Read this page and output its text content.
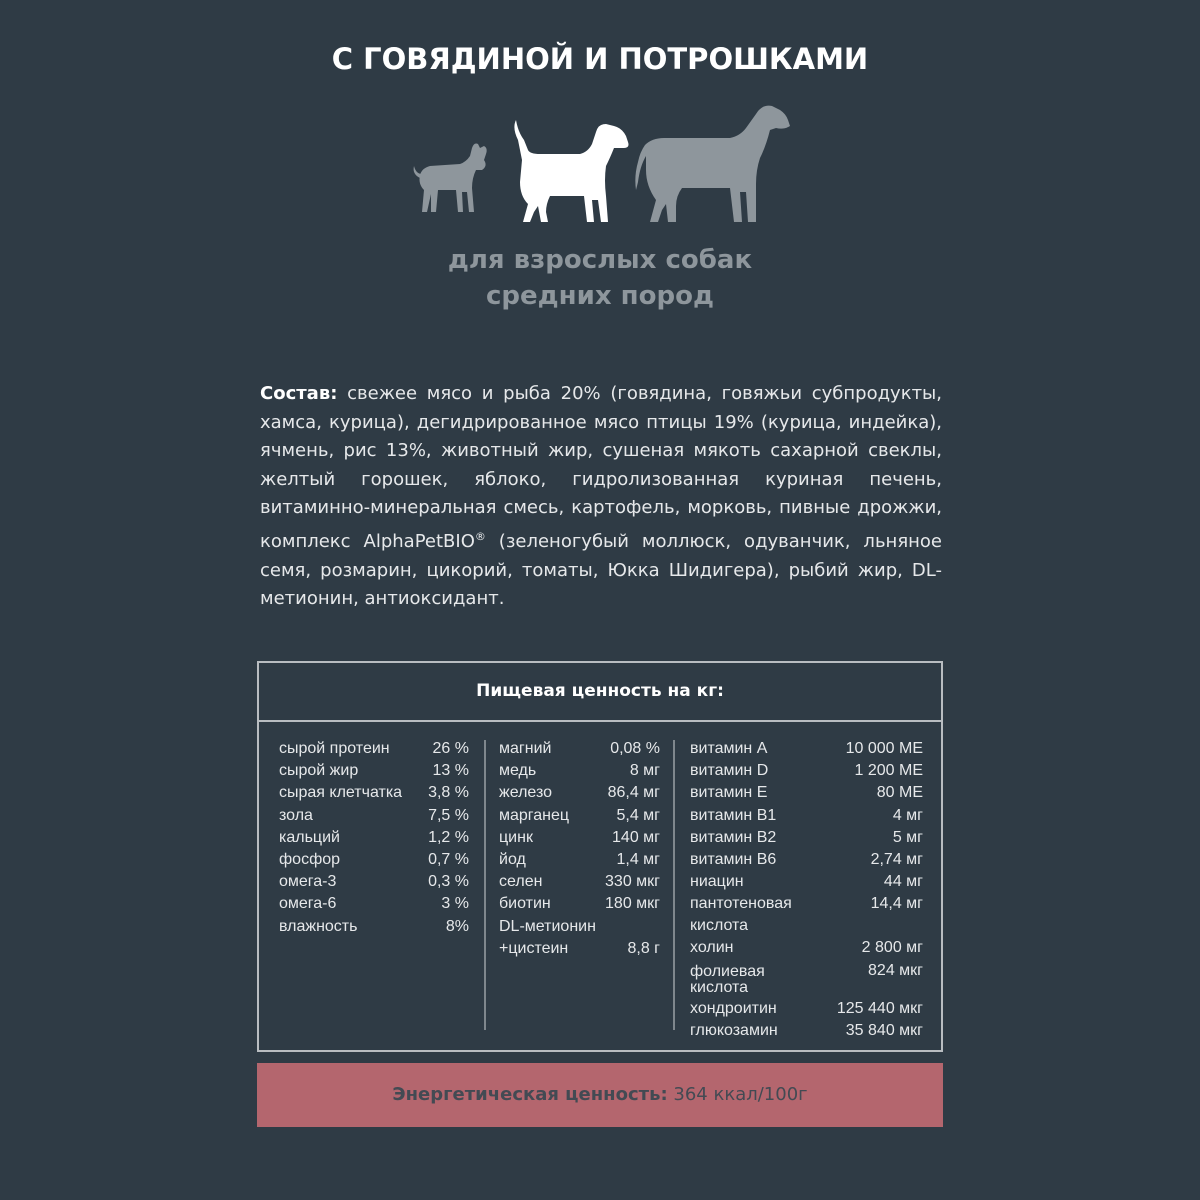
С ГОВЯДИНОЙ И ПОТРОШКАМИ
для взрослых собак
средних пород
Состав: свежее мясо и рыба 20% (говядина, говяжьи субпродукты, хамса, курица), дегидрированное мясо птицы 19% (курица, индейка), ячмень, рис 13%, животный жир, сушеная мякоть сахарной свеклы, желтый горошек, яблоко, гидролизованная куриная печень, витаминно-минеральная смесь, картофель, морковь, пивные дрожжи, комплекс AlphaPetBIO® (зеленогубый моллюск, одуванчик, льняное семя, розмарин, цикорий, томаты, Юкка Шидигера), рыбий жир, DL-метионин, антиоксидант.
Пищевая ценность на кг:
сырой протеин	26 %
сырой жир	13 %
сырая клетчатка 3,8 %
зола	7,5 %
кальций	1,2 %
фосфор	0,7 %
омега-3	0,3 %
омега-6	3 %
влажность	8%
магний	0,08 %
медь	8 мг
железо	86,4 мг
марганец	5,4 мг
цинк	140 мг
йод	1,4 мг
селен	330 мкг
биотин	180 мкг
DL-метионин
+цистеин	8,8 г
витамин А	10 000 МЕ
витамин D	1 200 МЕ
витамин Е	80 МЕ
витамин В1	4 мг
витамин В2	5 мг
витамин В6	2,74 мг
ниацин	44 мг
пантотеновая кислота
14,4 мг
холин	2 800 мг
фолиевая кислота
824 мкг
хондроитин	125 440 мкг
глюкозамин	35 840 мкг
Энергетическая ценность: 364 ккал/100г
